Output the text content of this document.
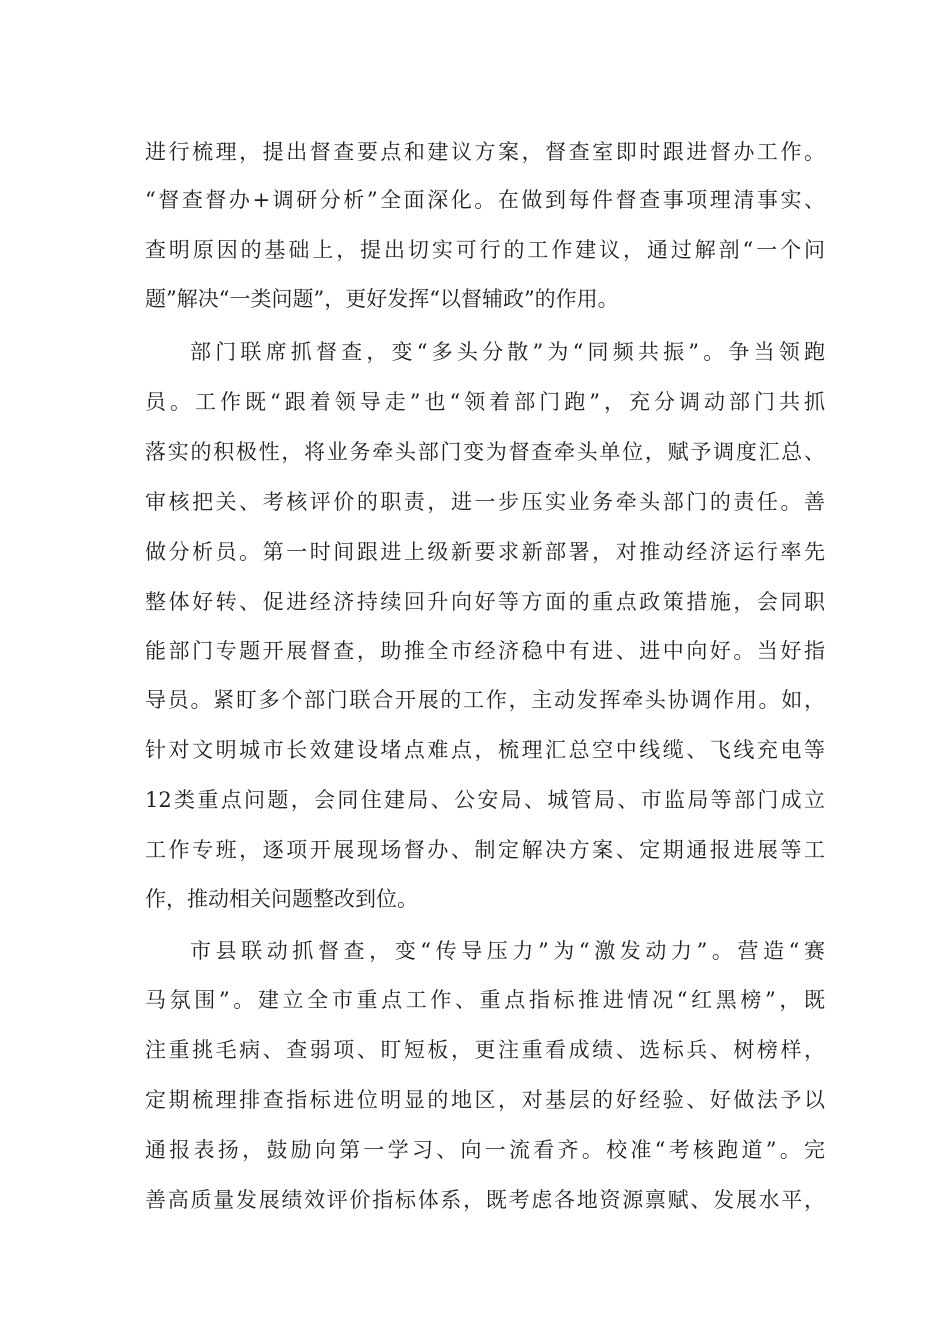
进行梳理，提出督查要点和建议方案，督查室即时跟进督办工作。
“督查督办+调研分析”全面深化。在做到每件督查事项理清事实、
查明原因的基础上，提出切实可行的工作建议，通过解剖“一个问
题”解决“一类问题”，更好发挥“以督辅政”的作用。
部门联席抓督查，变“多头分散”为“同频共振”。争当领跑
员。工作既“跟着领导走”也“领着部门跑”，充分调动部门共抓
落实的积极性，将业务牵头部门变为督查牵头单位，赋予调度汇总、
审核把关、考核评价的职责，进一步压实业务牵头部门的责任。善
做分析员。第一时间跟进上级新要求新部署，对推动经济运行率先
整体好转、促进经济持续回升向好等方面的重点政策措施，会同职
能部门专题开展督查，助推全市经济稳中有进、进中向好。当好指
导员。紧盯多个部门联合开展的工作，主动发挥牵头协调作用。如，
针对文明城市长效建设堵点难点，梳理汇总空中线缆、飞线充电等
12类重点问题，会同住建局、公安局、城管局、市监局等部门成立
工作专班，逐项开展现场督办、制定解决方案、定期通报进展等工
作，推动相关问题整改到位。
市县联动抓督查，变“传导压力”为“激发动力”。营造“赛
马氛围”。建立全市重点工作、重点指标推进情况“红黑榜”，既
注重挑毛病、查弱项、盯短板，更注重看成绩、选标兵、树榜样，
定期梳理排查指标进位明显的地区，对基层的好经验、好做法予以
通报表扬，鼓励向第一学习、向一流看齐。校准“考核跑道”。完
善高质量发展绩效评价指标体系，既考虑各地资源禀赋、发展水平，
